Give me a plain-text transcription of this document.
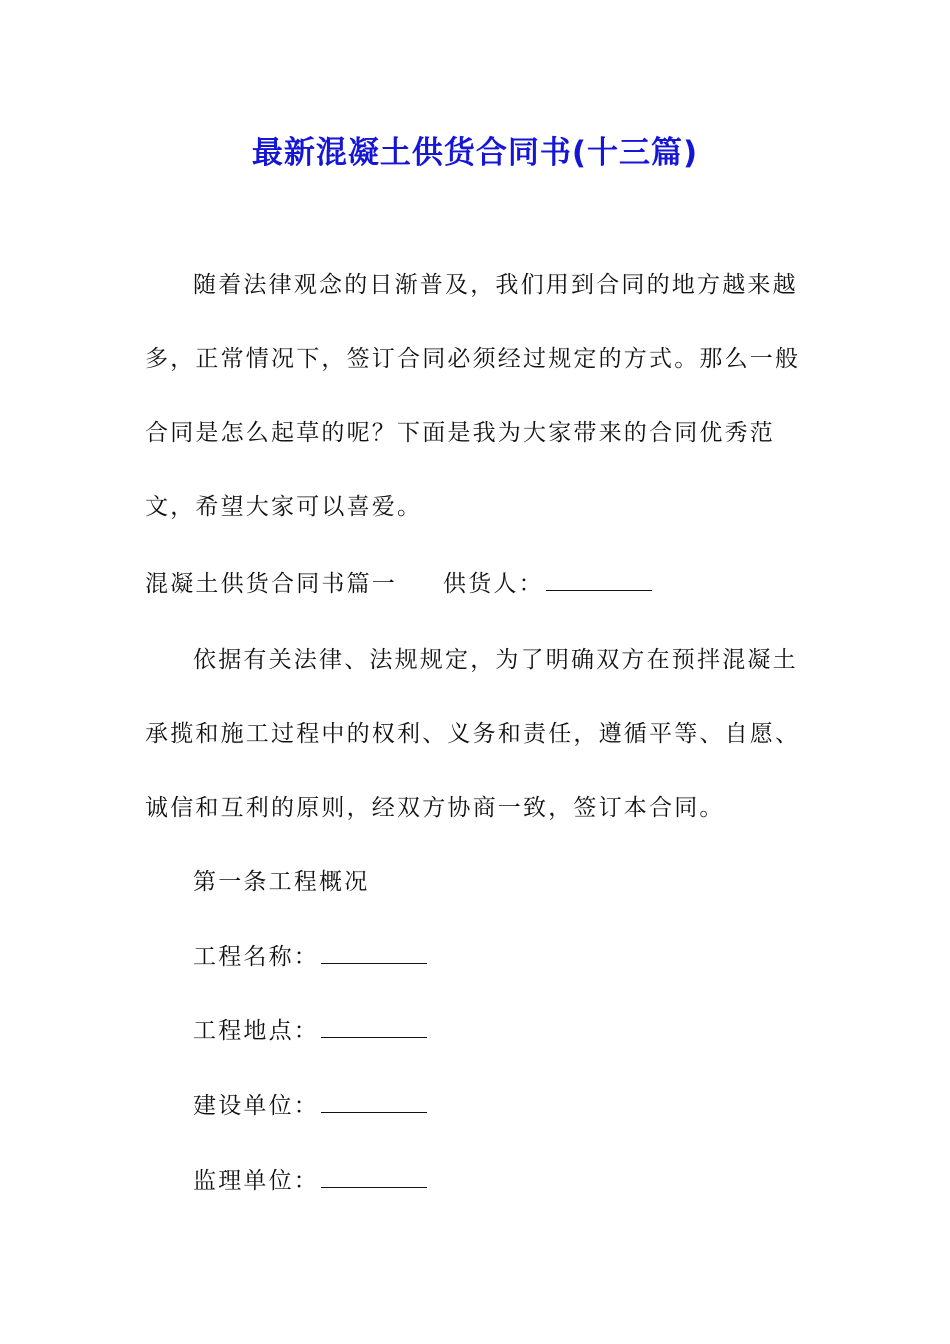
最新混凝土供货合同书(十三篇)

随着法律观念的日渐普及，我们用到合同的地方越来越多，正常情况下，签订合同必须经过规定的方式。那么一般合同是怎么起草的呢？下面是我为大家带来的合同优秀范文，希望大家可以喜爱。

混凝土供货合同书篇一 供货人：

依据有关法律、法规规定，为了明确双方在预拌混凝土承揽和施工过程中的权利、义务和责任，遵循平等、自愿、诚信和互利的原则，经双方协商一致，签订本合同。

第一条工程概况
工程名称：
工程地点：
建设单位：
监理单位：
